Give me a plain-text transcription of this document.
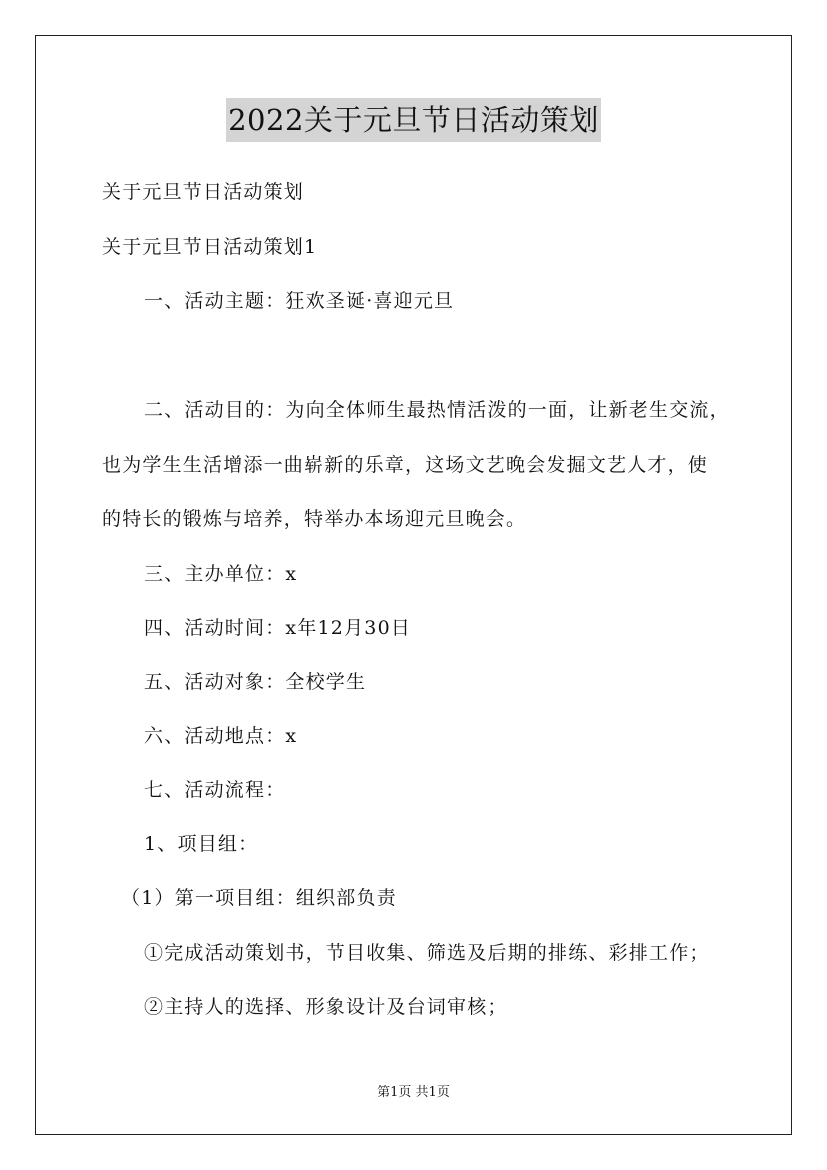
2022关于元旦节日活动策划
关于元旦节日活动策划
关于元旦节日活动策划1
一、活动主题：狂欢圣诞·喜迎元旦
二、活动目的：为向全体师生最热情活泼的一面，让新老生交流，
也为学生生活增添一曲崭新的乐章，这场文艺晚会发掘文艺人才，使
的特长的锻炼与培养，特举办本场迎元旦晚会。
三、主办单位：x
四、活动时间：x年12月30日
五、活动对象：全校学生
六、活动地点：x
七、活动流程：
1、项目组：
（1）第一项目组：组织部负责
①完成活动策划书，节目收集、筛选及后期的排练、彩排工作；
②主持人的选择、形象设计及台词审核；
第1页 共1页
